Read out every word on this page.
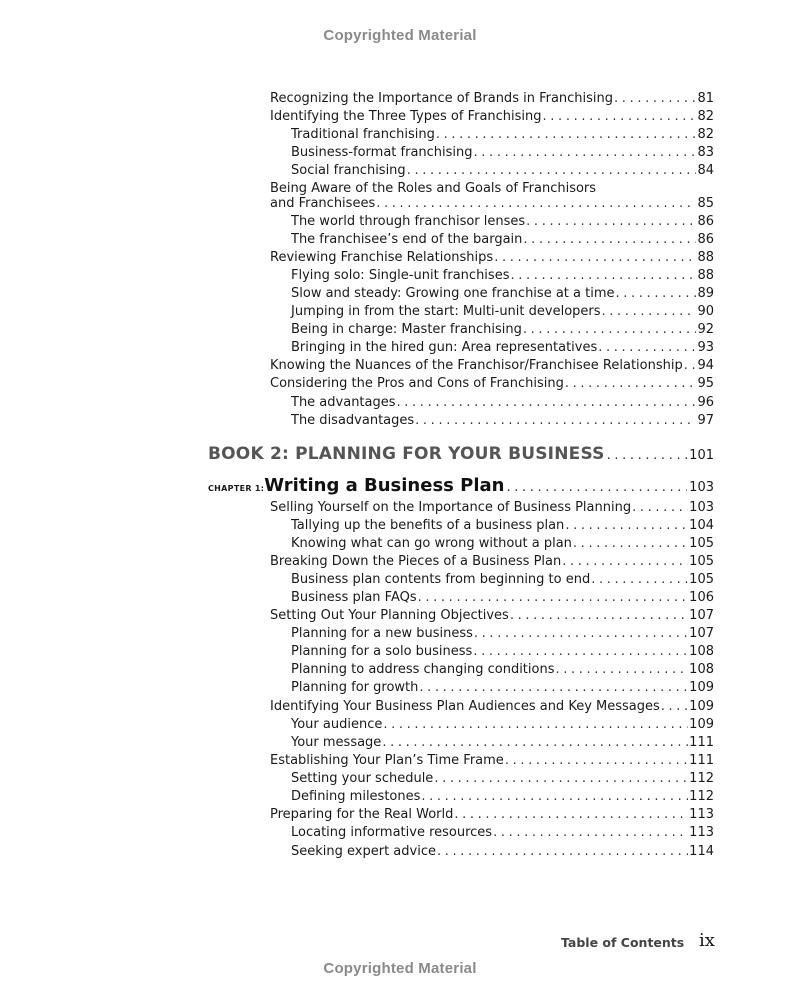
Copyrighted Material
Recognizing the Importance of Brands in Franchising . . .	81
Identifying the Three Types of Franchising . . .	82
Traditional franchising . . .	82
Business-format franchising . . .	83
Social franchising . . .	84
Being Aware of the Roles and Goals of Franchisors
and Franchisees . . .	85
The world through franchisor lenses . . .	86
The franchisee’s end of the bargain . . .	86
Reviewing Franchise Relationships . . .	88
Flying solo: Single-unit franchises . . .	88
Slow and steady: Growing one franchise at a time . . .	89
Jumping in from the start: Multi-unit developers . . .	90
Being in charge: Master franchising . . .	92
Bringing in the hired gun: Area representatives . . .	93
Knowing the Nuances of the Franchisor/Franchisee Relationship . . . 94
Considering the Pros and Cons of Franchising . . .	95
The advantages . . .	96
The disadvantages . . .	97
BOOK 2: PLANNING FOR YOUR BUSINESS . . .	101
CHAPTER 1: Writing a Business Plan . . .	103
Selling Yourself on the Importance of Business Planning . . .	103
Tallying up the benefits of a business plan . . .	104
Knowing what can go wrong without a plan . . .	105
Breaking Down the Pieces of a Business Plan . . .	105
Business plan contents from beginning to end . . .	105
Business plan FAQs . . .	106
Setting Out Your Planning Objectives . . .	107
Planning for a new business . . .	107
Planning for a solo business . . .	108
Planning to address changing conditions . . .	108
Planning for growth . . .	109
Identifying Your Business Plan Audiences and Key Messages . . . 109
Your audience . . .	109
Your message . . .	111
Establishing Your Plan’s Time Frame . . .	111
Setting your schedule . . .	112
Defining milestones . . .	112
Preparing for the Real World . . .	113
Locating informative resources . . .	113
Seeking expert advice . . .	114
Table of Contents ix
Copyrighted Material
